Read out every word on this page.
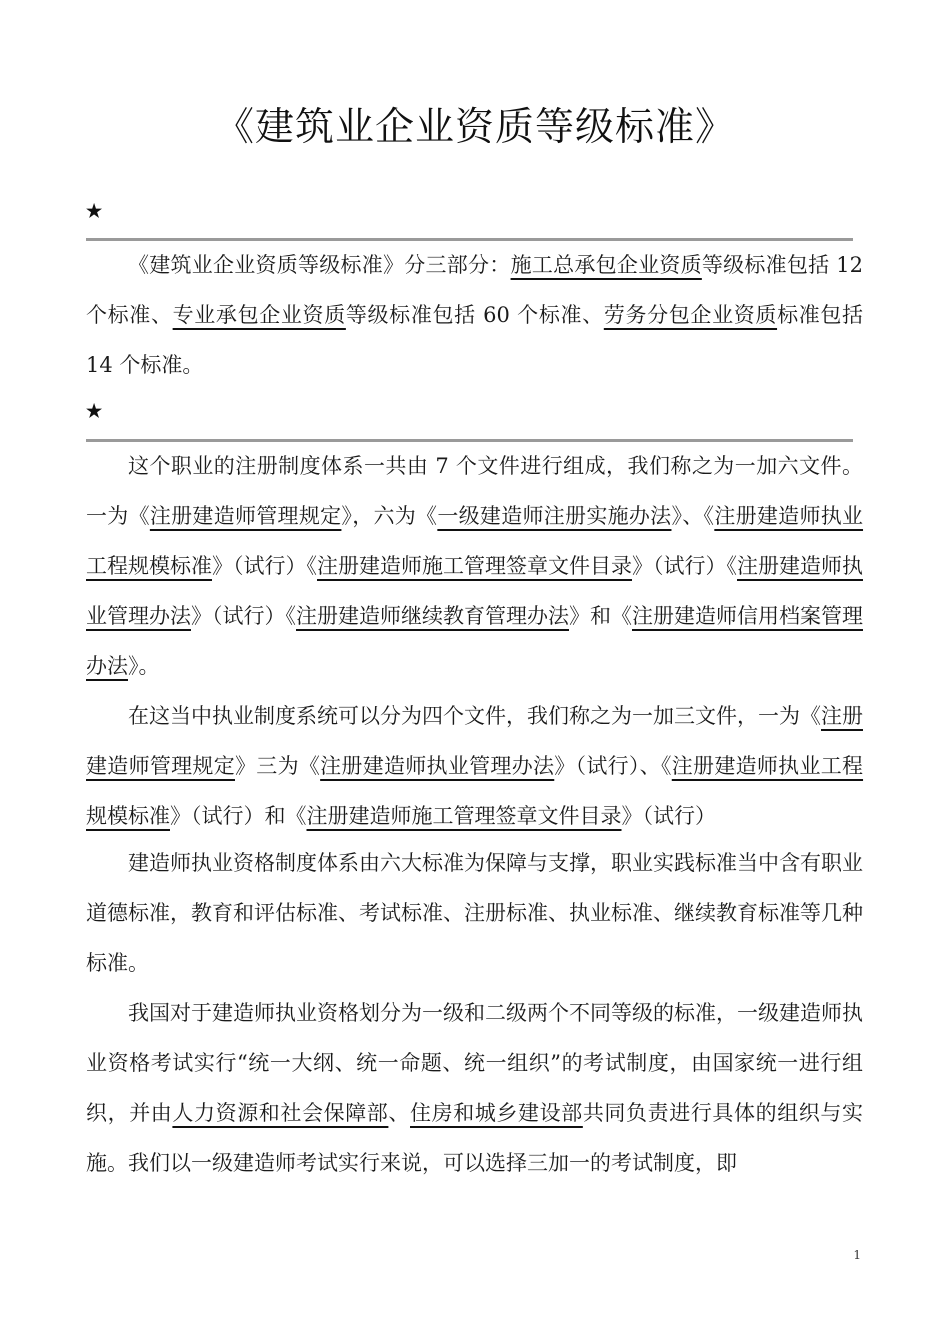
《建筑业企业资质等级标准》
★

《建筑业企业资质等级标准》分三部分：施工总承包企业资质等级标准包括 12 个标准、专业承包企业资质等级标准包括 60 个标准、劳务分包企业资质标准包括 14 个标准。

★

这个职业的注册制度体系一共由 7 个文件进行组成，我们称之为一加六文件。一为《注册建造师管理规定》，六为《一级建造师注册实施办法》、《注册建造师执业工程规模标准》（试行）《注册建造师施工管理签章文件目录》（试行）《注册建造师执业管理办法》（试行）《注册建造师继续教育管理办法》和《注册建造师信用档案管理办法》。

在这当中执业制度系统可以分为四个文件，我们称之为一加三文件，一为《注册建造师管理规定》三为《注册建造师执业管理办法》（试行）、《注册建造师执业工程规模标准》（试行）和《注册建造师施工管理签章文件目录》（试行）

建造师执业资格制度体系由六大标准为保障与支撑，职业实践标准当中含有职业道德标准，教育和评估标准、考试标准、注册标准、执业标准、继续教育标准等几种标准。

我国对于建造师执业资格划分为一级和二级两个不同等级的标准，一级建造师执业资格考试实行“统一大纲、统一命题、统一组织”的考试制度，由国家统一进行组织，并由人力资源和社会保障部、住房和城乡建设部共同负责进行具体的组织与实施。我们以一级建造师考试实行来说，可以选择三加一的考试制度，即

1
